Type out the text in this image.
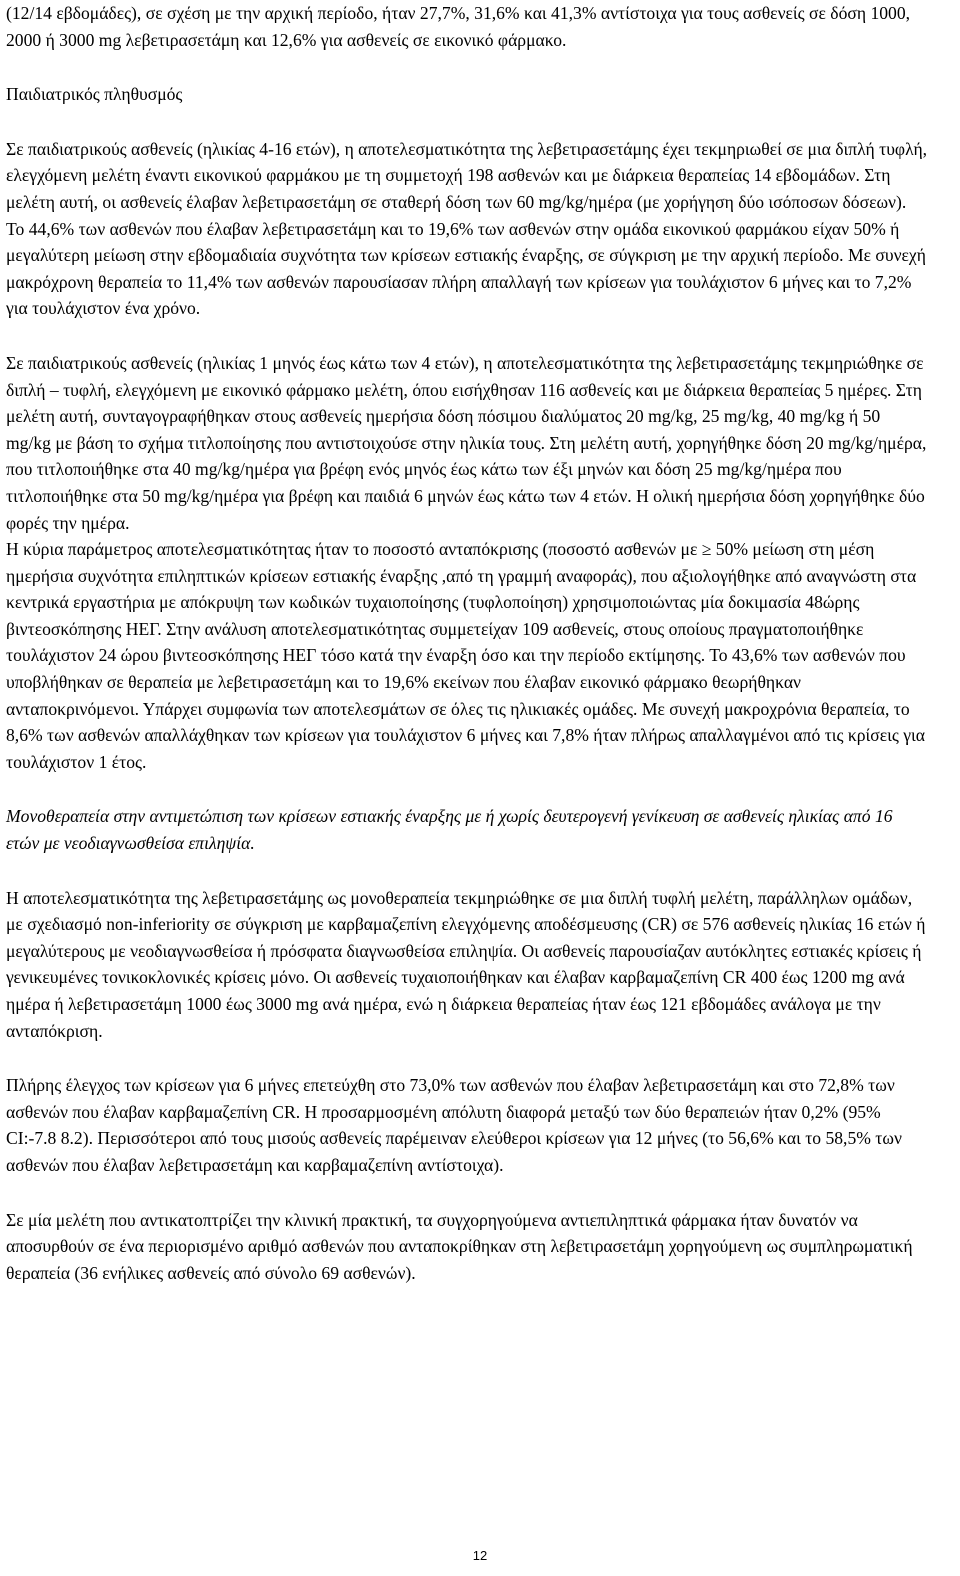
(12/14 εβδομάδες), σε σχέση με την αρχική περίοδο, ήταν 27,7%, 31,6% και 41,3% αντίστοιχα για τους ασθενείς σε δόση 1000, 2000 ή 3000 mg λεβετιρασετάμη και 12,6% για ασθενείς σε εικονικό φάρμακο.

Παιδιατρικός πληθυσμός

Σε παιδιατρικούς ασθενείς (ηλικίας 4-16 ετών), η αποτελεσματικότητα της λεβετιρασετάμης έχει τεκμηριωθεί σε μια διπλή τυφλή, ελεγχόμενη μελέτη έναντι εικονικού φαρμάκου με τη συμμετοχή 198 ασθενών και με διάρκεια θεραπείας 14 εβδομάδων. Στη μελέτη αυτή, οι ασθενείς έλαβαν λεβετιρασετάμη σε σταθερή δόση των 60 mg/kg/ημέρα (με χορήγηση δύο ισόποσων δόσεων). Το 44,6% των ασθενών που έλαβαν λεβετιρασετάμη και το 19,6% των ασθενών στην ομάδα εικονικού φαρμάκου είχαν 50% ή μεγαλύτερη μείωση στην εβδομαδιαία συχνότητα των κρίσεων εστιακής έναρξης, σε σύγκριση με την αρχική περίοδο. Με συνεχή μακρόχρονη θεραπεία το 11,4% των ασθενών παρουσίασαν πλήρη απαλλαγή των κρίσεων για τουλάχιστον 6 μήνες και το 7,2% για τουλάχιστον ένα χρόνο.

Σε παιδιατρικούς ασθενείς (ηλικίας 1 μηνός έως κάτω των 4 ετών), η αποτελεσματικότητα της λεβετιρασετάμης τεκμηριώθηκε σε διπλή – τυφλή, ελεγχόμενη με εικονικό φάρμακο μελέτη, όπου εισήχθησαν 116 ασθενείς και με διάρκεια θεραπείας 5 ημέρες. Στη μελέτη αυτή, συνταγογραφήθηκαν στους ασθενείς ημερήσια δόση πόσιμου διαλύματος 20 mg/kg, 25 mg/kg, 40 mg/kg ή 50 mg/kg με βάση το σχήμα τιτλοποίησης που αντιστοιχούσε στην ηλικία τους. Στη μελέτη αυτή, χορηγήθηκε δόση 20 mg/kg/ημέρα, που τιτλοποιήθηκε στα 40 mg/kg/ημέρα για βρέφη ενός μηνός έως κάτω των έξι μηνών και δόση 25 mg/kg/ημέρα που τιτλοποιήθηκε στα 50 mg/kg/ημέρα για βρέφη και παιδιά 6 μηνών έως κάτω των 4 ετών. Η ολική ημερήσια δόση χορηγήθηκε δύο φορές την ημέρα.

Η κύρια παράμετρος αποτελεσματικότητας ήταν το ποσοστό ανταπόκρισης (ποσοστό ασθενών με ≥ 50% μείωση στη μέση ημερήσια συχνότητα επιληπτικών κρίσεων εστιακής έναρξης ,από τη γραμμή αναφοράς), που αξιολογήθηκε από αναγνώστη στα κεντρικά εργαστήρια με απόκρυψη των κωδικών τυχαιοποίησης (τυφλοποίηση) χρησιμοποιώντας μία δοκιμασία 48ώρης βιντεοσκόπησης ΗΕΓ. Στην ανάλυση αποτελεσματικότητας συμμετείχαν 109 ασθενείς, στους οποίους πραγματοποιήθηκε τουλάχιστον 24 ώρου βιντεοσκόπησης ΗΕΓ τόσο κατά την έναρξη όσο και την περίοδο εκτίμησης. Το 43,6% των ασθενών που υποβλήθηκαν σε θεραπεία με λεβετιρασετάμη και το 19,6% εκείνων που έλαβαν εικονικό φάρμακο θεωρήθηκαν ανταποκρινόμενοι. Υπάρχει συμφωνία των αποτελεσμάτων σε όλες τις ηλικιακές ομάδες. Με συνεχή μακροχρόνια θεραπεία, το 8,6% των ασθενών απαλλάχθηκαν των κρίσεων για τουλάχιστον 6 μήνες και 7,8% ήταν πλήρως απαλλαγμένοι από τις κρίσεις για τουλάχιστον 1 έτος.

Μονοθεραπεία στην αντιμετώπιση των κρίσεων εστιακής έναρξης με ή χωρίς δευτερογενή γενίκευση σε ασθενείς ηλικίας από 16 ετών με νεοδιαγνωσθείσα επιληψία.

Η αποτελεσματικότητα της λεβετιρασετάμης ως μονοθεραπεία τεκμηριώθηκε σε μια διπλή τυφλή μελέτη, παράλληλων ομάδων, με σχεδιασμό non-inferiority σε σύγκριση με καρβαμαζεπίνη ελεγχόμενης αποδέσμευσης (CR) σε 576 ασθενείς ηλικίας 16 ετών ή μεγαλύτερους με νεοδιαγνωσθείσα ή πρόσφατα διαγνωσθείσα επιληψία. Οι ασθενείς παρουσίαζαν αυτόκλητες εστιακές κρίσεις ή γενικευμένες τονικοκλονικές κρίσεις μόνο. Οι ασθενείς τυχαιοποιήθηκαν και έλαβαν καρβαμαζεπίνη CR 400 έως 1200 mg ανά ημέρα ή λεβετιρασετάμη 1000 έως 3000 mg ανά ημέρα, ενώ η διάρκεια θεραπείας ήταν έως 121 εβδομάδες ανάλογα με την ανταπόκριση.

Πλήρης έλεγχος των κρίσεων για 6 μήνες επετεύχθη στο 73,0% των ασθενών που έλαβαν λεβετιρασετάμη και στο 72,8% των ασθενών που έλαβαν καρβαμαζεπίνη CR. Η προσαρμοσμένη απόλυτη διαφορά μεταξύ των δύο θεραπειών ήταν 0,2% (95% CI:-7.8 8.2). Περισσότεροι από τους μισούς ασθενείς παρέμειναν ελεύθεροι κρίσεων για 12 μήνες (το 56,6% και το 58,5% των ασθενών που έλαβαν λεβετιρασετάμη και καρβαμαζεπίνη αντίστοιχα).

Σε μία μελέτη που αντικατοπτρίζει την κλινική πρακτική, τα συγχορηγούμενα αντιεπιληπτικά φάρμακα ήταν δυνατόν να αποσυρθούν σε ένα περιορισμένο αριθμό ασθενών που ανταποκρίθηκαν στη λεβετιρασετάμη χορηγούμενη ως συμπληρωματική θεραπεία (36 ενήλικες ασθενείς από σύνολο 69 ασθενών).

12
